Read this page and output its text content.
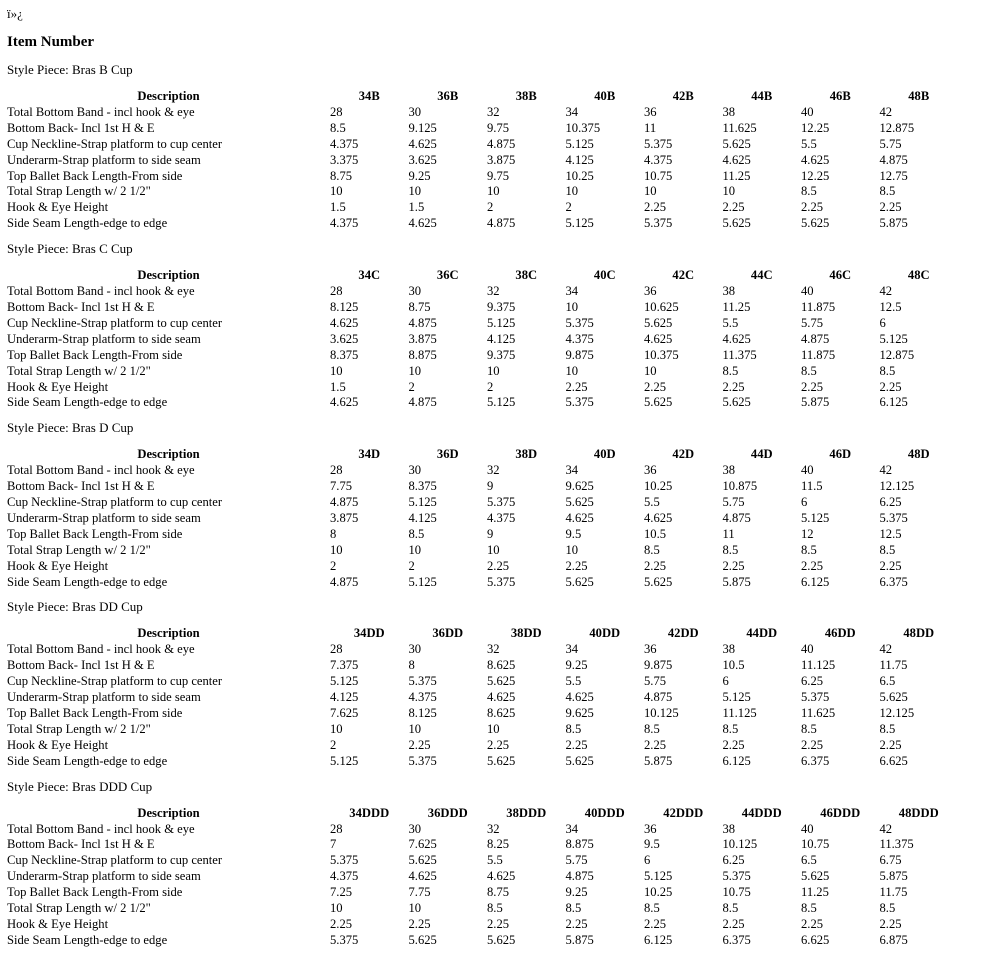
ï»¿
Item Number
Style Piece: Bras B Cup
Description	34B	36B	38B	40B	42B	44B	46B	48B
Total Bottom Band - incl hook & eye	28	30	32	34	36	38	40	42
Bottom Back- Incl 1st H & E	8.5	9.125	9.75	10.375	11	11.625	12.25	12.875
Cup Neckline-Strap platform to cup center	4.375	4.625	4.875	5.125	5.375	5.625	5.5	5.75
Underarm-Strap platform to side seam	3.375	3.625	3.875	4.125	4.375	4.625	4.625	4.875
Top Ballet Back Length-From side	8.75	9.25	9.75	10.25	10.75	11.25	12.25	12.75
Total Strap Length w/ 2 1/2"	10	10	10	10	10	10	8.5	8.5
Hook & Eye Height	1.5	1.5	2	2	2.25	2.25	2.25	2.25
Side Seam Length-edge to edge	4.375	4.625	4.875	5.125	5.375	5.625	5.625	5.875
Style Piece: Bras C Cup
Description	34C	36C	38C	40C	42C	44C	46C	48C
Total Bottom Band - incl hook & eye	28	30	32	34	36	38	40	42
Bottom Back- Incl 1st H & E	8.125	8.75	9.375	10	10.625	11.25	11.875	12.5
Cup Neckline-Strap platform to cup center	4.625	4.875	5.125	5.375	5.625	5.5	5.75	6
Underarm-Strap platform to side seam	3.625	3.875	4.125	4.375	4.625	4.625	4.875	5.125
Top Ballet Back Length-From side	8.375	8.875	9.375	9.875	10.375	11.375	11.875	12.875
Total Strap Length w/ 2 1/2"	10	10	10	10	10	8.5	8.5	8.5
Hook & Eye Height	1.5	2	2	2.25	2.25	2.25	2.25	2.25
Side Seam Length-edge to edge	4.625	4.875	5.125	5.375	5.625	5.625	5.875	6.125
Style Piece: Bras D Cup
Description	34D	36D	38D	40D	42D	44D	46D	48D
Total Bottom Band - incl hook & eye	28	30	32	34	36	38	40	42
Bottom Back- Incl 1st H & E	7.75	8.375	9	9.625	10.25	10.875	11.5	12.125
Cup Neckline-Strap platform to cup center	4.875	5.125	5.375	5.625	5.5	5.75	6	6.25
Underarm-Strap platform to side seam	3.875	4.125	4.375	4.625	4.625	4.875	5.125	5.375
Top Ballet Back Length-From side	8	8.5	9	9.5	10.5	11	12	12.5
Total Strap Length w/ 2 1/2"	10	10	10	10	8.5	8.5	8.5	8.5
Hook & Eye Height	2	2	2.25	2.25	2.25	2.25	2.25	2.25
Side Seam Length-edge to edge	4.875	5.125	5.375	5.625	5.625	5.875	6.125	6.375
Style Piece: Bras DD Cup
Description	34DD	36DD	38DD	40DD	42DD	44DD	46DD	48DD
Total Bottom Band - incl hook & eye	28	30	32	34	36	38	40	42
Bottom Back- Incl 1st H & E	7.375	8	8.625	9.25	9.875	10.5	11.125	11.75
Cup Neckline-Strap platform to cup center	5.125	5.375	5.625	5.5	5.75	6	6.25	6.5
Underarm-Strap platform to side seam	4.125	4.375	4.625	4.625	4.875	5.125	5.375	5.625
Top Ballet Back Length-From side	7.625	8.125	8.625	9.625	10.125	11.125	11.625	12.125
Total Strap Length w/ 2 1/2"	10	10	10	8.5	8.5	8.5	8.5	8.5
Hook & Eye Height	2	2.25	2.25	2.25	2.25	2.25	2.25	2.25
Side Seam Length-edge to edge	5.125	5.375	5.625	5.625	5.875	6.125	6.375	6.625
Style Piece: Bras DDD Cup
Description	34DDD	36DDD	38DDD	40DDD	42DDD	44DDD	46DDD	48DDD
Total Bottom Band - incl hook & eye	28	30	32	34	36	38	40	42
Bottom Back- Incl 1st H & E	7	7.625	8.25	8.875	9.5	10.125	10.75	11.375
Cup Neckline-Strap platform to cup center	5.375	5.625	5.5	5.75	6	6.25	6.5	6.75
Underarm-Strap platform to side seam	4.375	4.625	4.625	4.875	5.125	5.375	5.625	5.875
Top Ballet Back Length-From side	7.25	7.75	8.75	9.25	10.25	10.75	11.25	11.75
Total Strap Length w/ 2 1/2"	10	10	8.5	8.5	8.5	8.5	8.5	8.5
Hook & Eye Height	2.25	2.25	2.25	2.25	2.25	2.25	2.25	2.25
Side Seam Length-edge to edge	5.375	5.625	5.625	5.875	6.125	6.375	6.625	6.875
